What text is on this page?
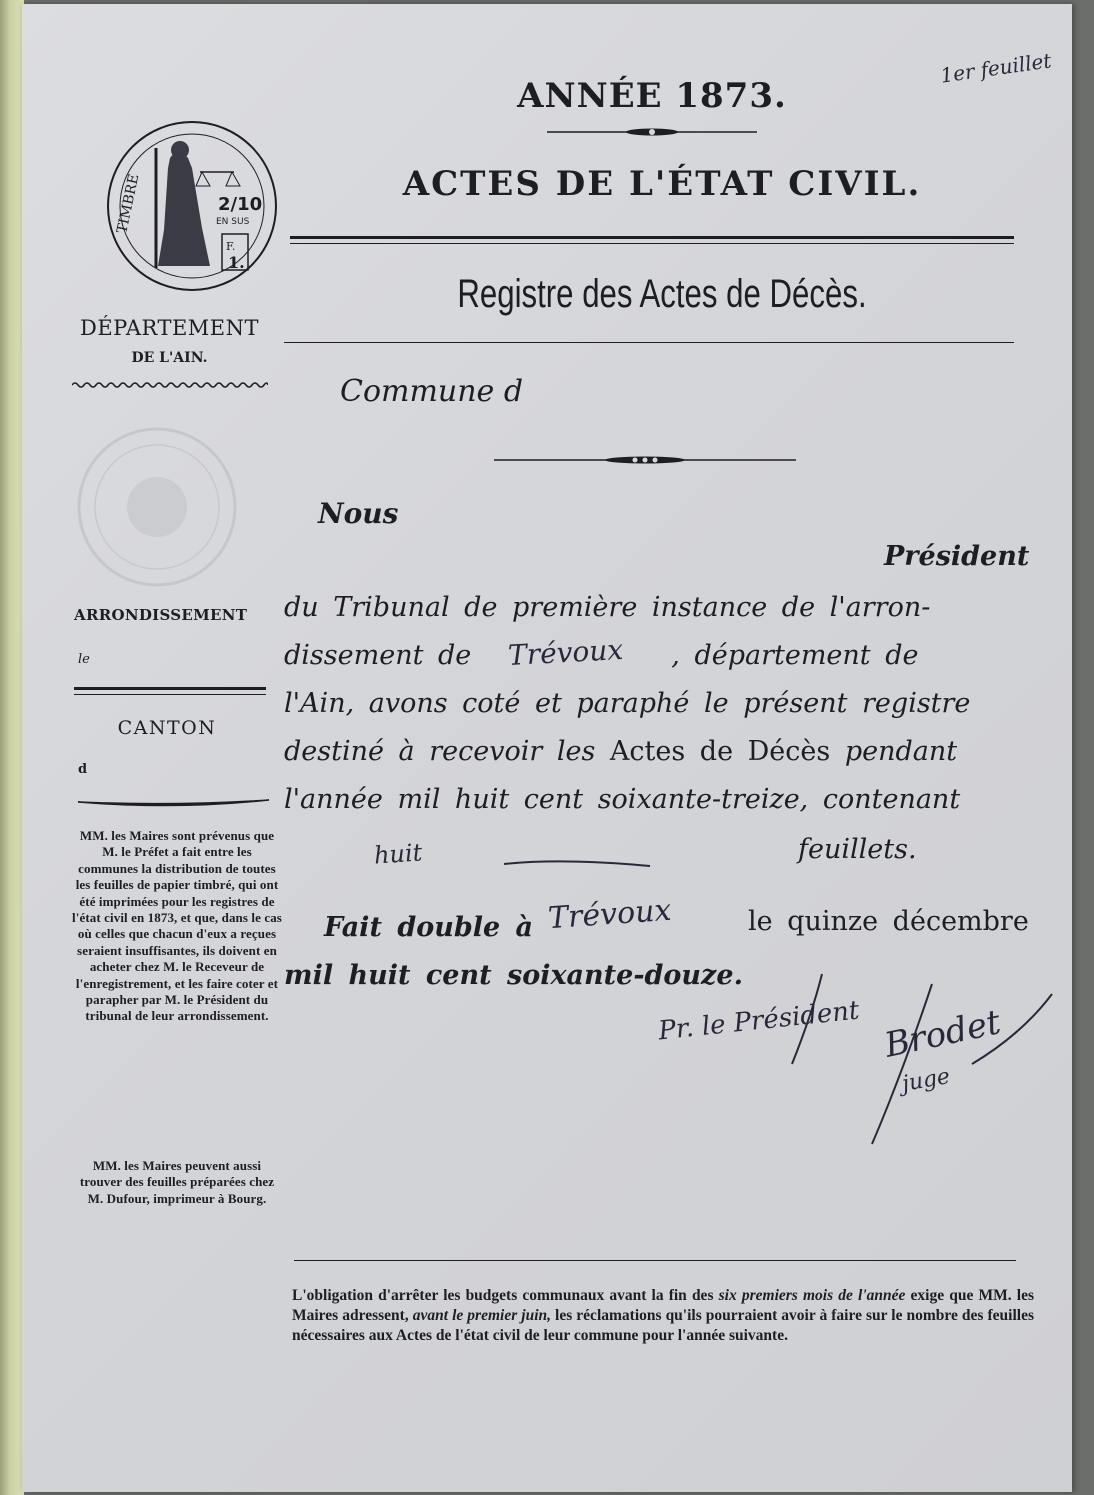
1er feuillet
ANNÉE 1873.
ACTES DE L'ÉTAT CIVIL.
Registre des Actes de Décès.
Commune d
TIMBRE	2/10
EN SUS
F.
1.
DÉPARTEMENT
DE L'AIN.
ARRONDISSEMENT
le
CANTON
d
MM. les Maires sont prévenus que M. le Préfet a fait entre les communes la distribution de toutes les feuilles de papier timbré, qui ont été imprimées pour les registres de l'état civil en 1873, et que, dans le cas où celles que chacun d'eux a reçues seraient insuffisantes, ils doivent en acheter chez M. le Receveur de l'enregistrement, et les faire coter et parapher par M. le Président du tribunal de leur arrondissement.
MM. les Maires peuvent aussi trouver des feuilles préparées chez M. Dufour, imprimeur à Bourg.
Nous
Président
du Tribunal de première instance de l'arron-
dissement de	, département de
l'Ain, avons coté et paraphé le présent registre
destiné à recevoir les Actes de Décès pendant
l'année mil huit cent soixante-treize, contenant
feuillets.
Fait double à	le quinze décembre
mil huit cent soixante-douze.
Trévoux
huit
Trévoux
Pr. le Président Brodet
juge
L'obligation d'arrêter les budgets communaux avant la fin des six premiers mois de l'année exige que MM. les Maires adressent, avant le premier juin, les réclamations qu'ils pourraient avoir à faire sur le nombre des feuilles nécessaires aux Actes de l'état civil de leur commune pour l'année suivante.
